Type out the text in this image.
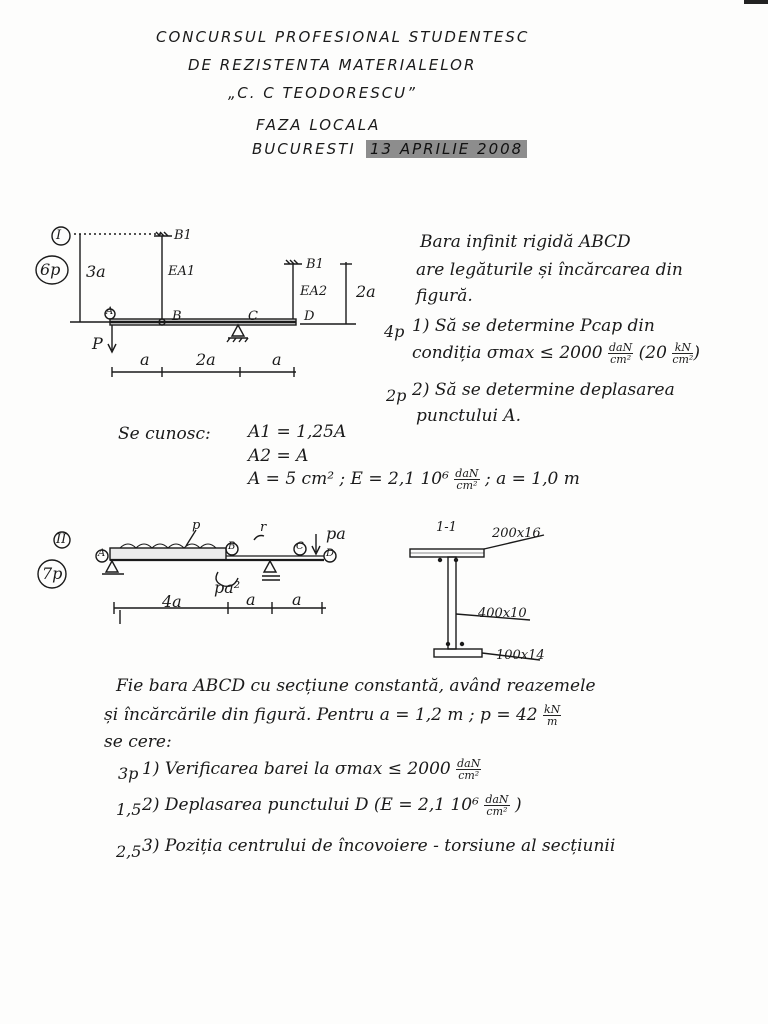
CONCURSUL PROFESIONAL STUDENTESC
DE REZISTENTA MATERIALELOR
„C. C TEODORESCU”
FAZA LOCALA
BUCURESTI 13 APRILIE 2008
I
6p 3a
B1
EA1	B1
EA2 2a
A	B	C	D
P
a	2a	a
Bara infinit rigidă ABCD
are legăturile și încărcarea din
figură.
4p 1) Să se determine Pcap din
condiția $\sigma\max \le 2000 \frac{\text{daN}}{\text{cm²}} (20 \frac{kN}{\text{cm²}}$ )
2p 2) Să se determine deplasarea
punctului A.
Se cunosc: A1 = 1,25A
A2 = A
A = 5 cm² ; E = 2,1 $10^6 \frac{\text{daN}}{\text{cm²}}$ ; a = 1,0 m
II
7p
p	r	pa
A
B	C
D
pa²
4a	a a
1-1	200x16
400x10
100x14
Fie bara ABCD cu secțiune constantă, având reazemele
și încărcările din figură. Pentru a = 1,2 m ; $p = 42 \frac{kN}{m}$
se cere:
3p 1) Verificarea barei la $\sigma\max \le 2000 \frac{\text{daN}}{\text{cm²}}$
1,5 2) Deplasarea punctului D (E = 2,1 $10^6 \frac{\text{daN}}{\text{cm²}}$ )
2,5 3) Poziția centrului de încovoiere - torsiune al secțiunii
